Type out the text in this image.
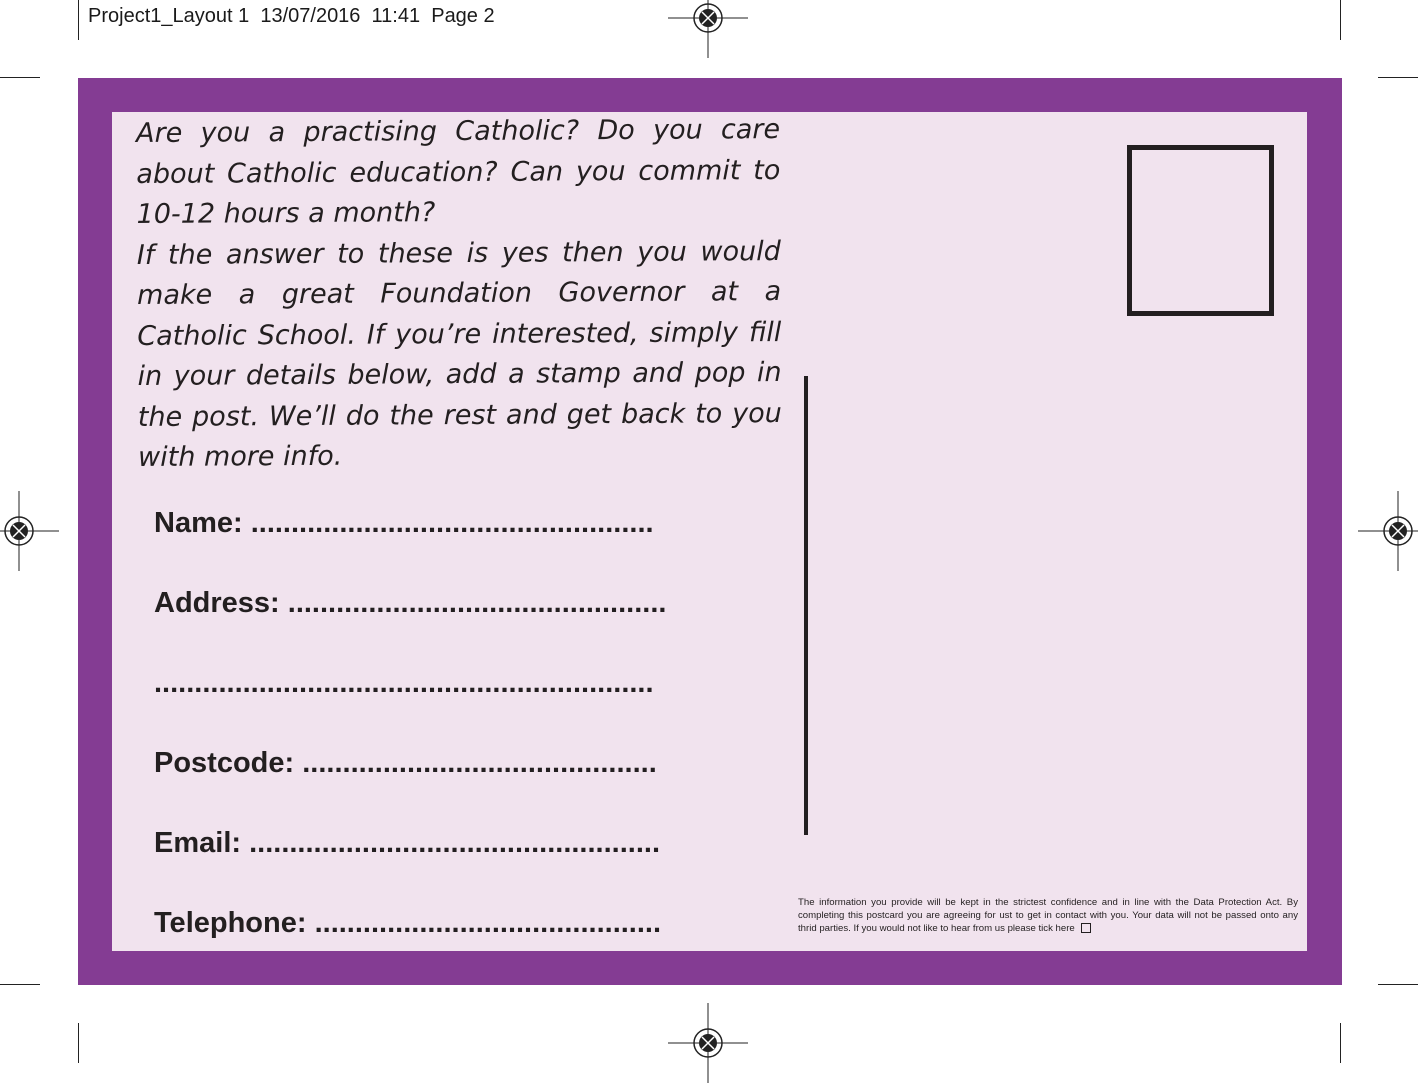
Project1_Layout 1  13/07/2016  11:41  Page 2

Are you a practising Catholic? Do you care about Catholic education? Can you commit to 10-12 hours a month?

If the answer to these is yes then you would make a great Foundation Governor at a Catholic School. If you’re interested, simply fill in your details below, add a stamp and pop in the post. We’ll do the rest and get back to you with more info.

Name: ..................................................
Address: ...............................................
..............................................................
Postcode: ............................................
Email: ...................................................
Telephone: ...........................................

The information you provide will be kept in the strictest confidence and in line with the Data Protection Act. By completing this postcard you are agreeing for ust to get in contact with you. Your data will not be passed onto any thrid parties. If you would not like to hear from us please tick here
